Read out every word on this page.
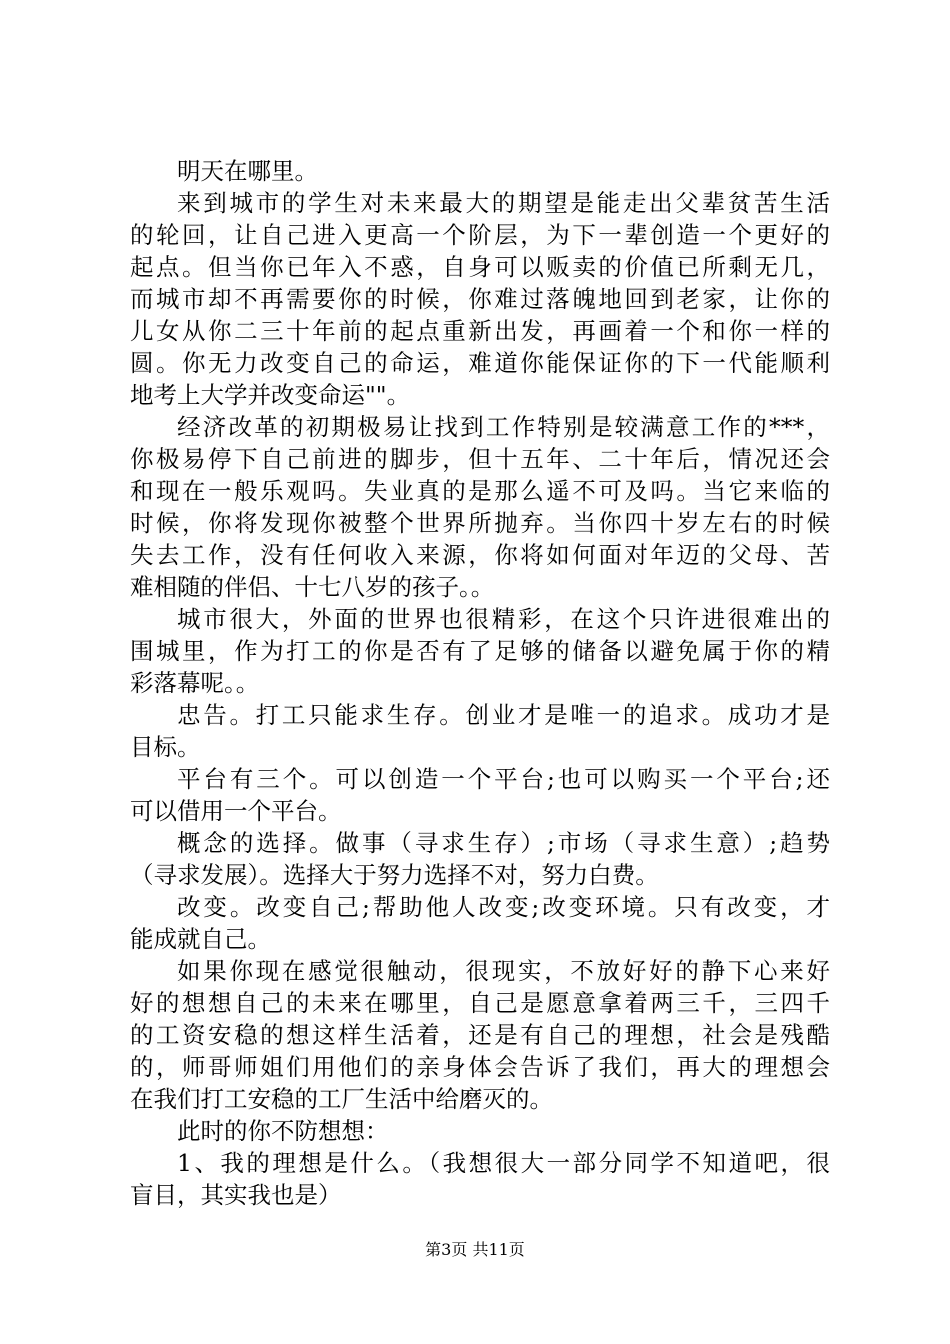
明天在哪里。
来到城市的学生对未来最大的期望是能走出父辈贫苦生活
的轮回，让自己进入更高一个阶层，为下一辈创造一个更好的
起点。但当你已年入不惑，自身可以贩卖的价值已所剩无几，
而城市却不再需要你的时候，你难过落魄地回到老家，让你的
儿女从你二三十年前的起点重新出发，再画着一个和你一样的
圆。你无力改变自己的命运，难道你能保证你的下一代能顺利
地考上大学并改变命运""。
经济改革的初期极易让找到工作特别是较满意工作的***，
你极易停下自己前进的脚步，但十五年、二十年后，情况还会
和现在一般乐观吗。失业真的是那么遥不可及吗。当它来临的
时候，你将发现你被整个世界所抛弃。当你四十岁左右的时候
失去工作，没有任何收入来源，你将如何面对年迈的父母、苦
难相随的伴侣、十七八岁的孩子。。
城市很大，外面的世界也很精彩，在这个只许进很难出的
围城里，作为打工的你是否有了足够的储备以避免属于你的精
彩落幕呢。。
忠告。打工只能求生存。创业才是唯一的追求。成功才是
目标。
平台有三个。可以创造一个平台;也可以购买一个平台;还
可以借用一个平台。
概念的选择。做事（寻求生存）;市场（寻求生意）;趋势
（寻求发展）。选择大于努力选择不对，努力白费。
改变。改变自己;帮助他人改变;改变环境。只有改变，才
能成就自己。
如果你现在感觉很触动，很现实，不放好好的静下心来好
好的想想自己的未来在哪里，自己是愿意拿着两三千，三四千
的工资安稳的想这样生活着，还是有自己的理想，社会是残酷
的，师哥师姐们用他们的亲身体会告诉了我们，再大的理想会
在我们打工安稳的工厂生活中给磨灭的。
此时的你不防想想：
1、我的理想是什么。（我想很大一部分同学不知道吧，很
盲目，其实我也是）
第3页 共11页
